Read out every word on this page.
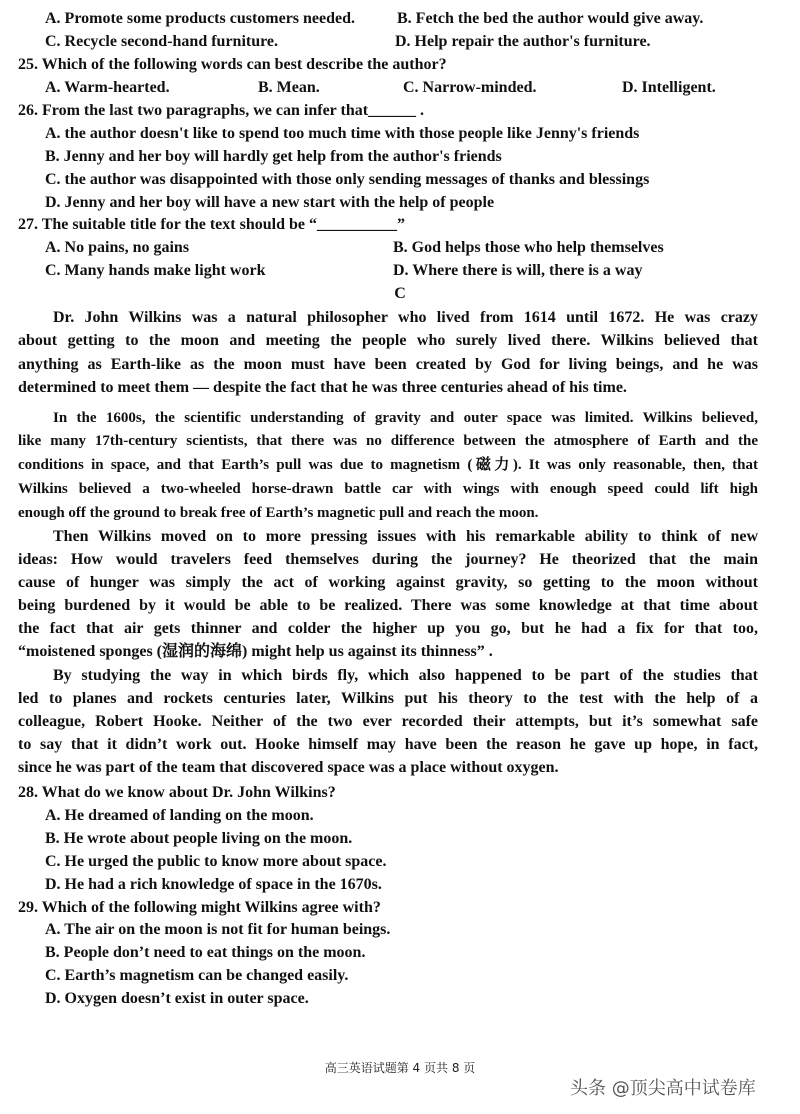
A. Promote some products customers needed.	B. Fetch the bed the author would give away.
C. Recycle second-hand furniture.	D. Help repair the author's furniture.
25. Which of the following words can best describe the author?
A. Warm-hearted.	B. Mean.	C. Narrow-minded.	D. Intelligent.
26. From the last two paragraphs, we can infer that______ .
A. the author doesn't like to spend too much time with those people like Jenny's friends
B. Jenny and her boy will hardly get help from the author's friends
C. the author was disappointed with those only sending messages of thanks and blessings
D. Jenny and her boy will have a new start with the help of people
27. The suitable title for the text should be “__________”
A. No pains, no gains	B. God helps those who help themselves
C. Many hands make light work	D. Where there is will, there is a way
C
Dr. John Wilkins was a natural philosopher who lived from 1614 until 1672. He was crazy
about getting to the moon and meeting the people who surely lived there. Wilkins believed that
anything as Earth-like as the moon must have been created by God for living beings, and he was
determined to meet them — despite the fact that he was three centuries ahead of his time.
In the 1600s, the scientific understanding of gravity and outer space was limited. Wilkins believed,
like many 17th-century scientists, that there was no difference between the atmosphere of Earth and the
conditions in space, and that Earth’s pull was due to magnetism (磁力). It was only reasonable, then, that
Wilkins believed a two-wheeled horse-drawn battle car with wings with enough speed could lift high
enough off the ground to break free of Earth’s magnetic pull and reach the moon.
Then Wilkins moved on to more pressing issues with his remarkable ability to think of new
ideas: How would travelers feed themselves during the journey? He theorized that the main
cause of hunger was simply the act of working against gravity, so getting to the moon without
being burdened by it would be able to be realized. There was some knowledge at that time about
the fact that air gets thinner and colder the higher up you go, but he had a fix for that too,
“moistened sponges (湿润的海绵) might help us against its thinness” .
By studying the way in which birds fly, which also happened to be part of the studies that
led to planes and rockets centuries later, Wilkins put his theory to the test with the help of a
colleague, Robert Hooke. Neither of the two ever recorded their attempts, but it’s somewhat safe
to say that it didn’t work out. Hooke himself may have been the reason he gave up hope, in fact,
since he was part of the team that discovered space was a place without oxygen.
28. What do we know about Dr. John Wilkins?
A. He dreamed of landing on the moon.
B. He wrote about people living on the moon.
C. He urged the public to know more about space.
D. He had a rich knowledge of space in the 1670s.
29. Which of the following might Wilkins agree with?
A. The air on the moon is not fit for human beings.
B. People don’t need to eat things on the moon.
C. Earth’s magnetism can be changed easily.
D. Oxygen doesn’t exist in outer space.
高三英语试题第 4 页共 8 页
头条 @顶尖高中试卷库
